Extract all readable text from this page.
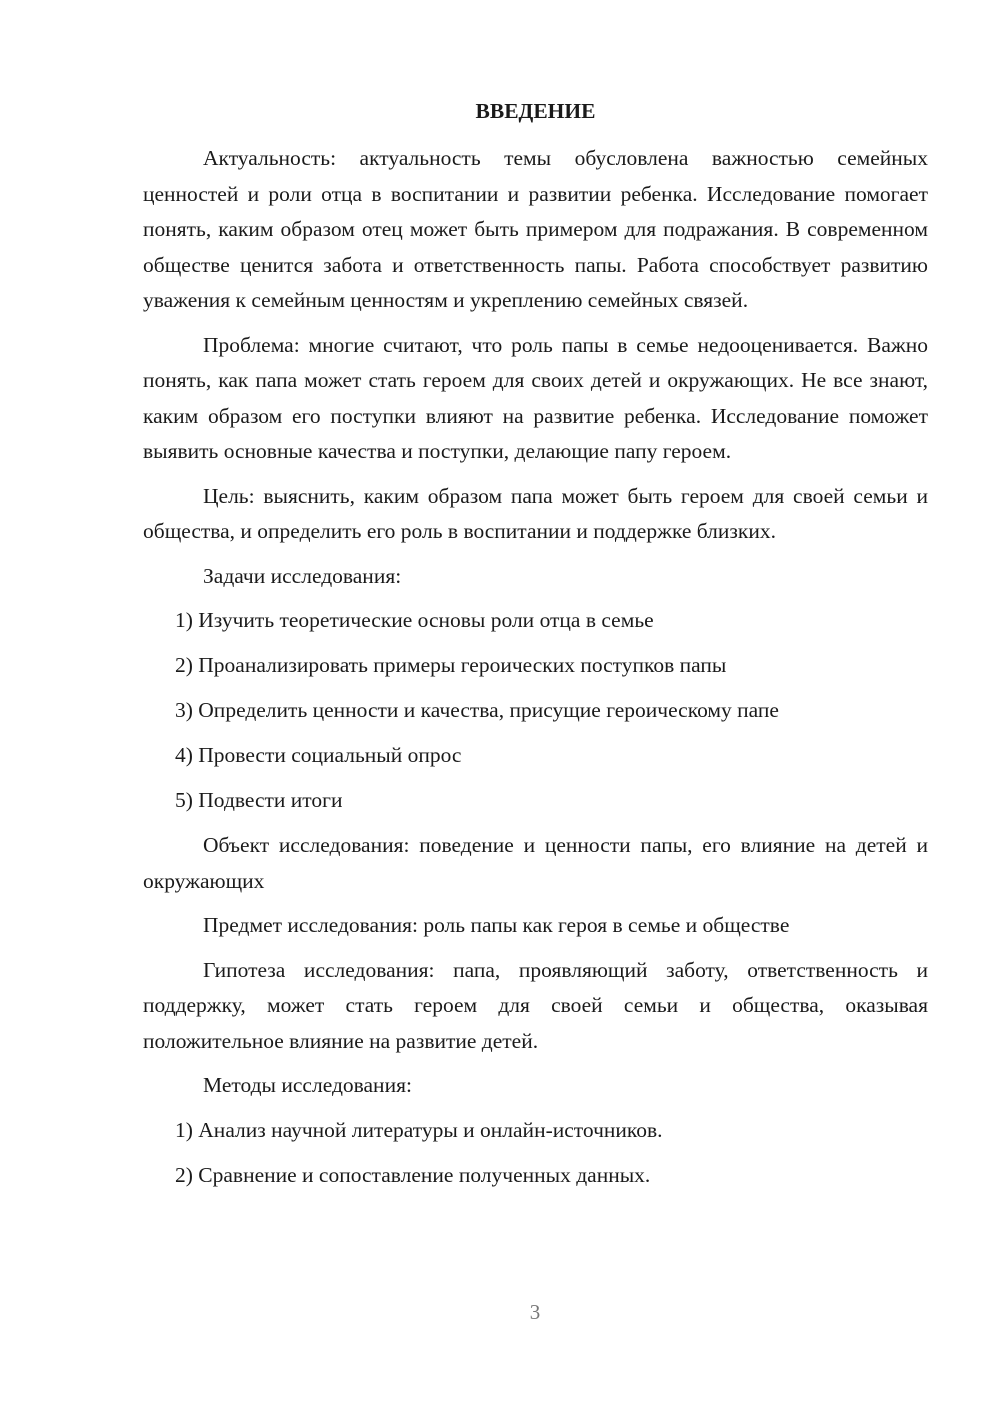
ВВЕДЕНИЕ

Актуальность: актуальность темы обусловлена важностью семейных ценностей и роли отца в воспитании и развитии ребенка. Исследование помогает понять, каким образом отец может быть примером для подражания. В современном обществе ценится забота и ответственность папы. Работа способствует развитию уважения к семейным ценностям и укреплению семейных связей.

Проблема: многие считают, что роль папы в семье недооценивается. Важно понять, как папа может стать героем для своих детей и окружающих. Не все знают, каким образом его поступки влияют на развитие ребенка. Исследование поможет выявить основные качества и поступки, делающие папу героем.

Цель: выяснить, каким образом папа может быть героем для своей семьи и общества, и определить его роль в воспитании и поддержке близких.

Задачи исследования:

1) Изучить теоретические основы роли отца в семье

2) Проанализировать примеры героических поступков папы

3) Определить ценности и качества, присущие героическому папе

4) Провести социальный опрос

5) Подвести итоги

Объект исследования: поведение и ценности папы, его влияние на детей и окружающих

Предмет исследования: роль папы как героя в семье и обществе

Гипотеза исследования: папа, проявляющий заботу, ответственность и поддержку, может стать героем для своей семьи и общества, оказывая положительное влияние на развитие детей.

Методы исследования:

1) Анализ научной литературы и онлайн-источников.

2) Сравнение и сопоставление полученных данных.

3
